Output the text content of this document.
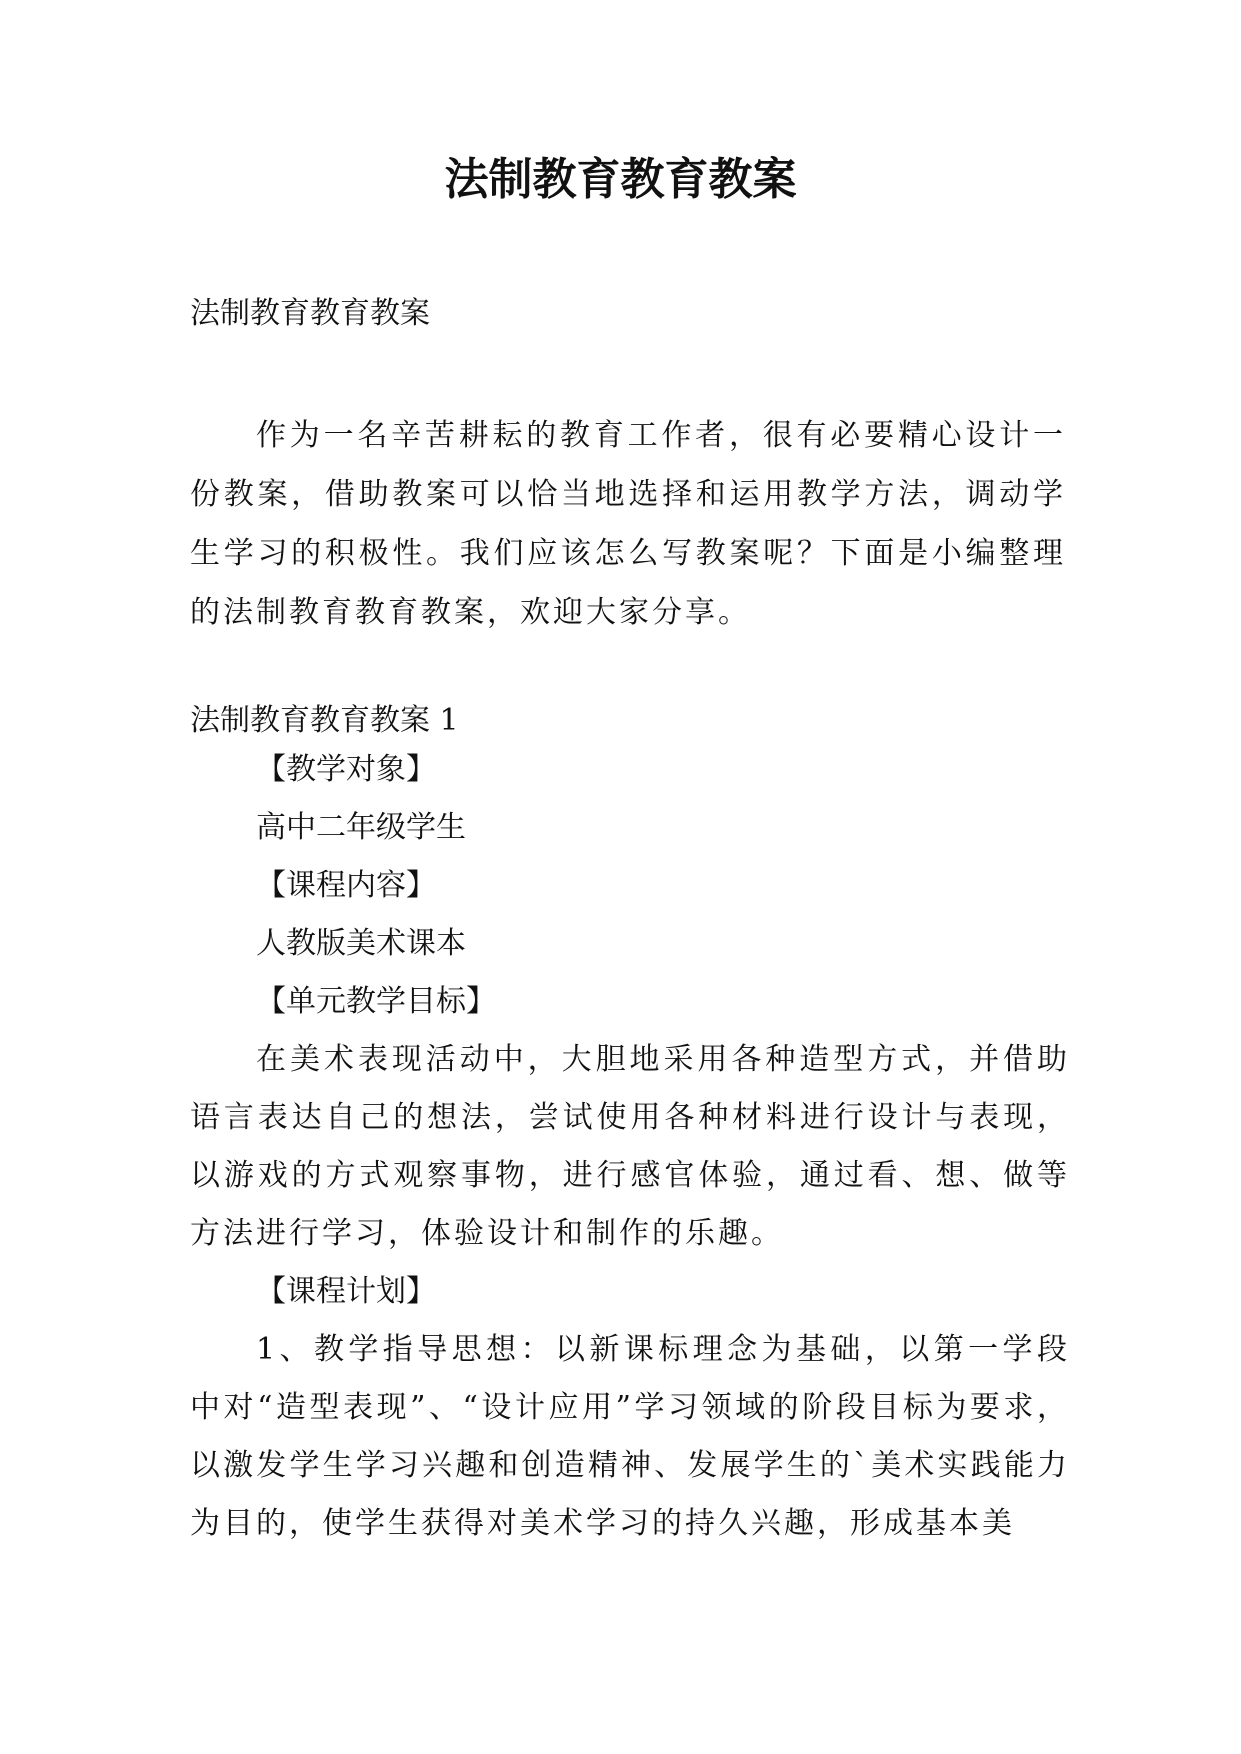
法制教育教育教案

法制教育教育教案

作为一名辛苦耕耘的教育工作者，很有必要精心设计一份教案，借助教案可以恰当地选择和运用教学方法，调动学生学习的积极性。我们应该怎么写教案呢？下面是小编整理的法制教育教育教案，欢迎大家分享。

法制教育教育教案 1

【教学对象】
高中二年级学生
【课程内容】
人教版美术课本
【单元教学目标】
在美术表现活动中，大胆地采用各种造型方式，并借助语言表达自己的想法，尝试使用各种材料进行设计与表现，以游戏的方式观察事物，进行感官体验，通过看、想、做等方法进行学习，体验设计和制作的乐趣。
【课程计划】
1、教学指导思想：以新课标理念为基础，以第一学段中对“造型表现”、“设计应用”学习领域的阶段目标为要求，以激发学生学习兴趣和创造精神、发展学生的`美术实践能力为目的，使学生获得对美术学习的持久兴趣，形成基本美
